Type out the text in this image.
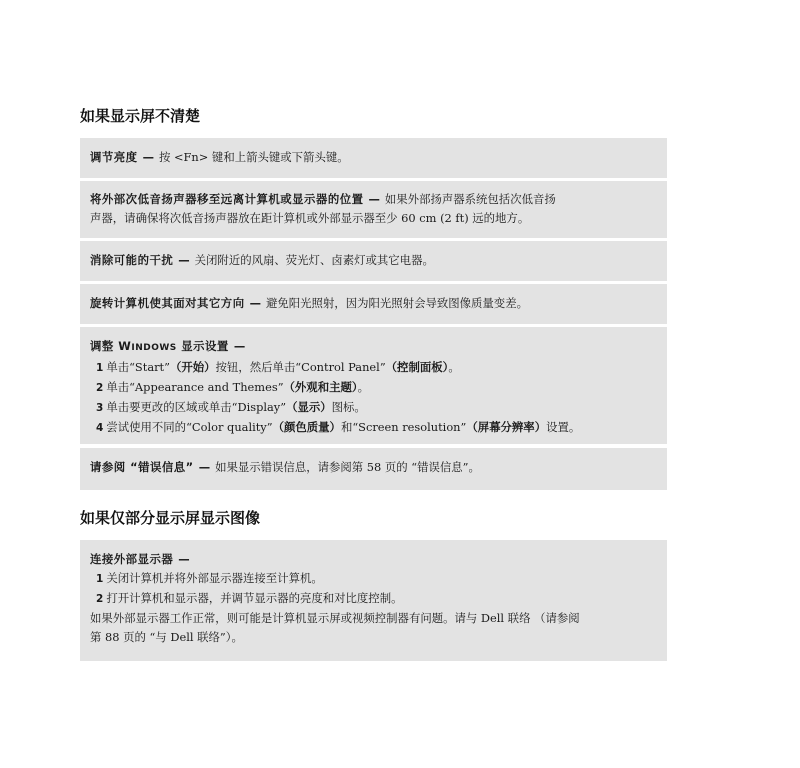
如果显示屏不清楚
调节亮度 — 按 <Fn> 键和上箭头键或下箭头键。
将外部次低音扬声器移至远离计算机或显示器的位置 — 如果外部扬声器系统包括次低音扬
声器，请确保将次低音扬声器放在距计算机或外部显示器至少 60 cm (2 ft) 远的地方。
消除可能的干扰 — 关闭附近的风扇、荧光灯、卤素灯或其它电器。
旋转计算机使其面对其它方向 — 避免阳光照射，因为阳光照射会导致图像质量变差。
调整 WINDOWS 显示设置 —
1 单击“Start”（开始）按钮，然后单击“Control Panel”（控制面板）。
2 单击“Appearance and Themes”（外观和主题）。
3 单击要更改的区域或单击“Display”（显示）图标。
4 尝试使用不同的“Color quality”（颜色质量）和“Screen resolution”（屏幕分辨率）设置。
请参阅 “错误信息” — 如果显示错误信息，请参阅第 58 页的 “错误信息”。
如果仅部分显示屏显示图像
连接外部显示器 —
1 关闭计算机并将外部显示器连接至计算机。
2 打开计算机和显示器，并调节显示器的亮度和对比度控制。
如果外部显示器工作正常，则可能是计算机显示屏或视频控制器有问题。请与 Dell 联络 （请参阅
第 88 页的 “与 Dell 联络”）。
